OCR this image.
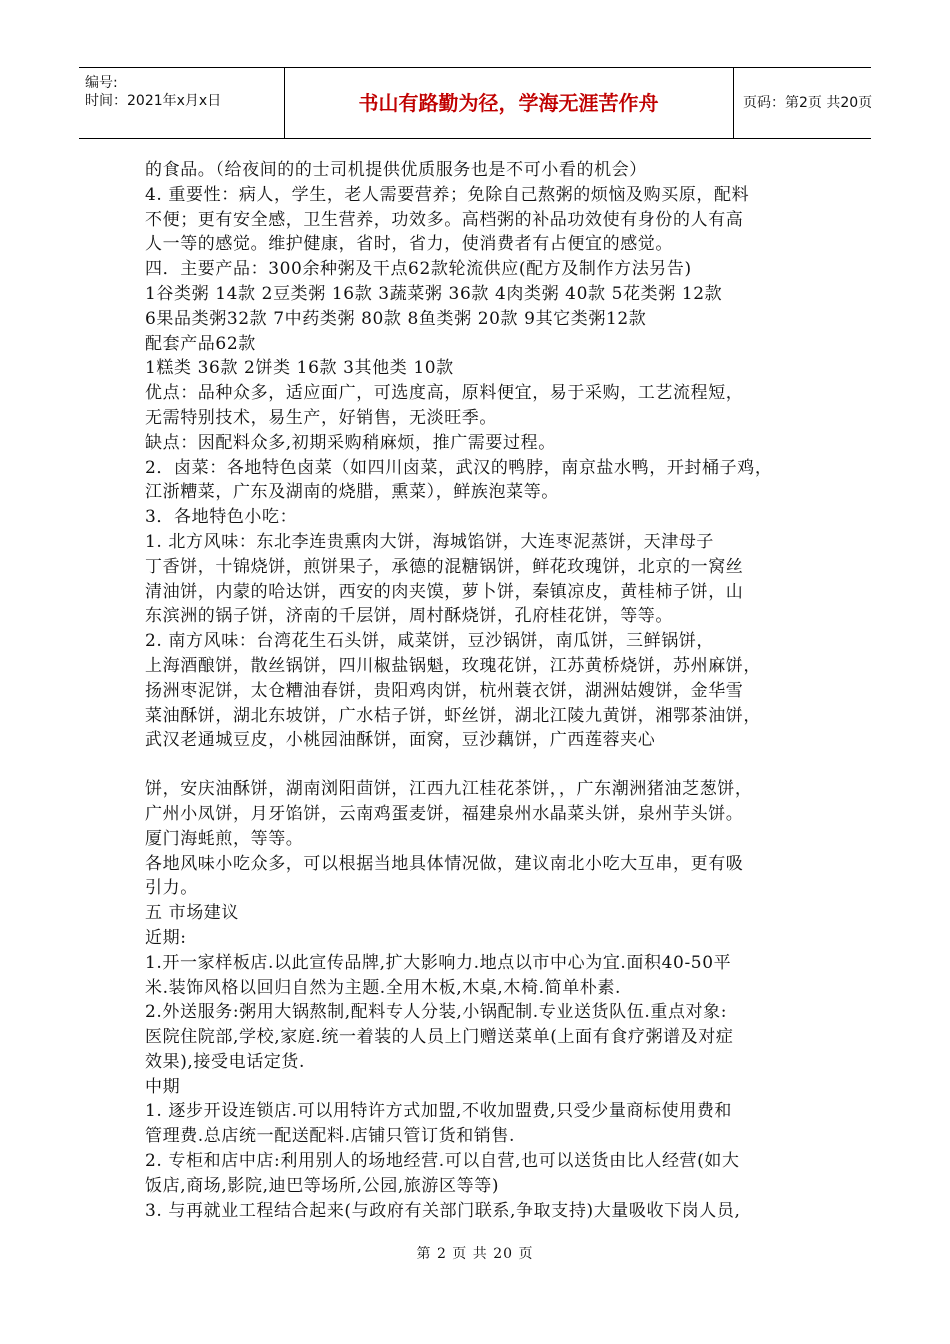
编号:
时间：2021年x月x日	书山有路勤为径，学海无涯苦作舟	页码：第2页 共20页
的食品。（给夜间的的士司机提供优质服务也是不可小看的机会）
4. 重要性：病人，学生，老人需要营养；免除自己熬粥的烦恼及购买原，配料
不便；更有安全感，卫生营养，功效多。高档粥的补品功效使有身份的人有高
人一等的感觉。维护健康，省时，省力，使消费者有占便宜的感觉。
四．主要产品：300余种粥及干点62款轮流供应(配方及制作方法另告)
1谷类粥 14款 2豆类粥 16款 3蔬菜粥 36款 4肉类粥 40款 5花类粥 12款
6果品类粥32款 7中药类粥 80款 8鱼类粥 20款 9其它类粥12款
配套产品62款
1糕类 36款 2饼类 16款 3其他类 10款
优点：品种众多，适应面广，可选度高，原料便宜，易于采购，工艺流程短，
无需特别技术，易生产，好销售，无淡旺季。
缺点：因配料众多,初期采购稍麻烦，推广需要过程。
2．卤菜：各地特色卤菜（如四川卤菜，武汉的鸭脖，南京盐水鸭，开封桶子鸡，
江浙糟菜，广东及湖南的烧腊，熏菜），鲜族泡菜等。
3．各地特色小吃：
1. 北方风味：东北李连贵熏肉大饼，海城馅饼，大连枣泥蒸饼，天津母子
丁香饼，十锦烧饼，煎饼果子，承德的混糖锅饼，鲜花玫瑰饼，北京的一窝丝
清油饼，内蒙的哈达饼，西安的肉夹馍，萝卜饼，秦镇凉皮，黄桂柿子饼，山
东滨洲的锅子饼，济南的千层饼，周村酥烧饼，孔府桂花饼，等等。
2. 南方风味：台湾花生石头饼，咸菜饼，豆沙锅饼，南瓜饼，三鲜锅饼，
上海酒酿饼，散丝锅饼，四川椒盐锅魁，玫瑰花饼，江苏黄桥烧饼，苏州麻饼，
扬洲枣泥饼，太仓糟油春饼，贵阳鸡肉饼，杭州蓑衣饼，湖洲姑嫂饼，金华雪
菜油酥饼，湖北东坡饼，广水桔子饼，虾丝饼，湖北江陵九黄饼，湘鄂茶油饼，
武汉老通城豆皮，小桃园油酥饼，面窝，豆沙藕饼，广西莲蓉夹心
饼，安庆油酥饼，湖南浏阳茴饼，江西九江桂花茶饼，，广东潮洲猪油芝葱饼，
广州小凤饼，月牙馅饼，云南鸡蛋麦饼，福建泉州水晶菜头饼，泉州芋头饼。
厦门海蚝煎，等等。
各地风味小吃众多，可以根据当地具体情况做，建议南北小吃大互串，更有吸
引力。
五 市场建议
近期:
1.开一家样板店.以此宣传品牌,扩大影响力.地点以市中心为宜.面积40-50平
米.装饰风格以回归自然为主题.全用木板,木桌,木椅.简单朴素.
2.外送服务:粥用大锅熬制,配料专人分装,小锅配制.专业送货队伍.重点对象:
医院住院部,学校,家庭.统一着装的人员上门赠送菜单(上面有食疗粥谱及对症
效果),接受电话定货.
中期
1. 逐步开设连锁店.可以用特许方式加盟,不收加盟费,只受少量商标使用费和
管理费.总店统一配送配料.店铺只管订货和销售.
2. 专柜和店中店:利用别人的场地经营.可以自营,也可以送货由比人经营(如大
饭店,商场,影院,迪巴等场所,公园,旅游区等等)
3. 与再就业工程结合起来(与政府有关部门联系,争取支持)大量吸收下岗人员,
第 2 页 共 20 页
